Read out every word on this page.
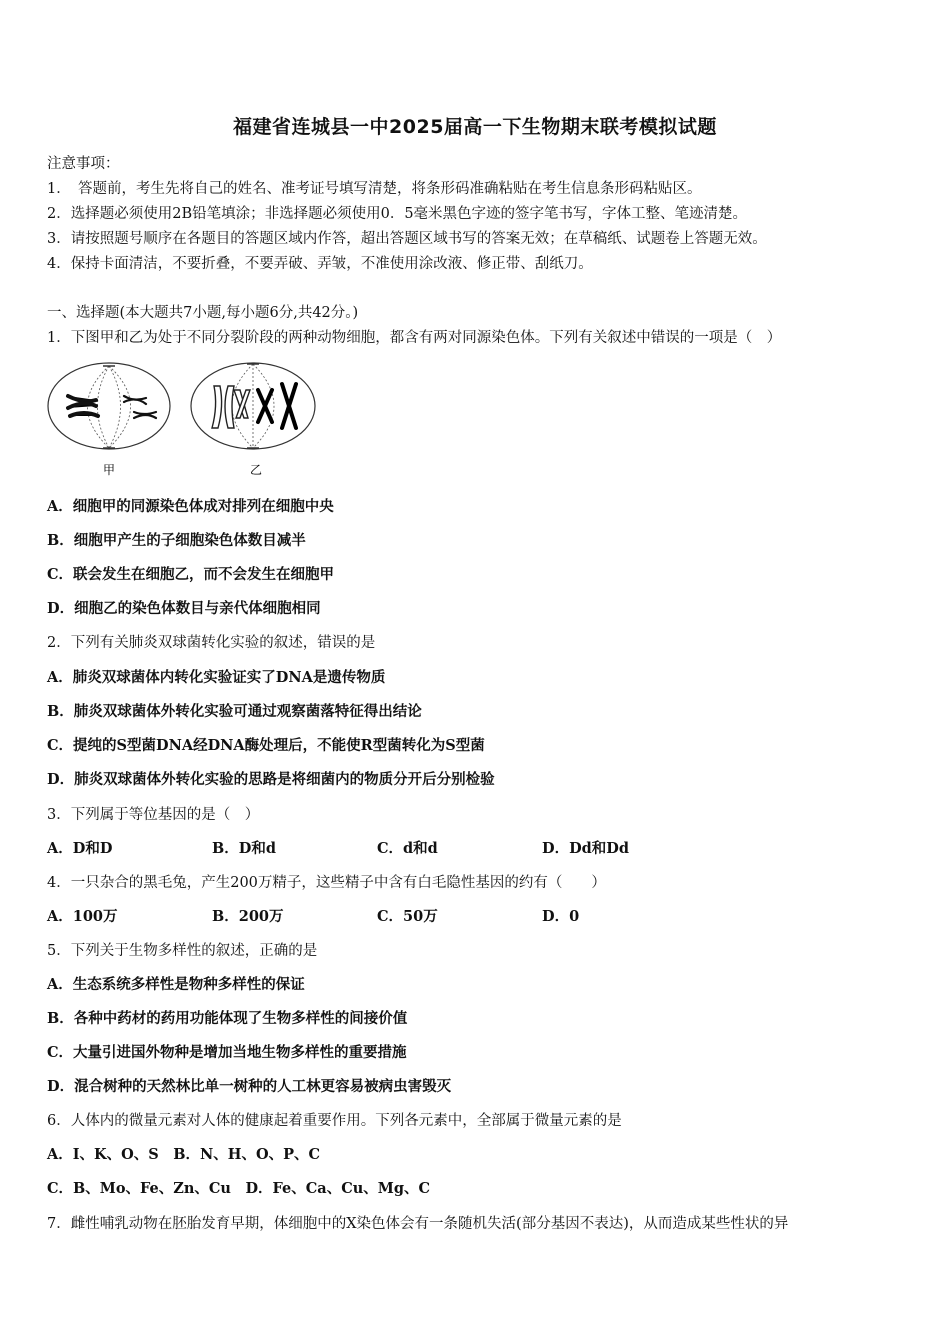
福建省连城县一中2025届高一下生物期末联考模拟试题
注意事项：
1．　答题前，考生先将自己的姓名、准考证号填写清楚，将条形码准确粘贴在考生信息条形码粘贴区。
2．选择题必须使用2B铅笔填涂；非选择题必须使用0．5毫米黑色字迹的签字笔书写，字体工整、笔迹清楚。
3．请按照题号顺序在各题目的答题区域内作答，超出答题区域书写的答案无效；在草稿纸、试题卷上答题无效。
4．保持卡面清洁，不要折叠，不要弄破、弄皱，不准使用涂改液、修正带、刮纸刀。
一、选择题(本大题共7小题,每小题6分,共42分。)
1．下图甲和乙为处于不同分裂阶段的两种动物细胞，都含有两对同源染色体。下列有关叙述中错误的一项是（　）
甲	乙
A．细胞甲的同源染色体成对排列在细胞中央
B．细胞甲产生的子细胞染色体数目减半
C．联会发生在细胞乙，而不会发生在细胞甲
D．细胞乙的染色体数目与亲代体细胞相同
2．下列有关肺炎双球菌转化实验的叙述，错误的是
A．肺炎双球菌体内转化实验证实了DNA是遗传物质
B．肺炎双球菌体外转化实验可通过观察菌落特征得出结论
C．提纯的S型菌DNA经DNA酶处理后，不能使R型菌转化为S型菌
D．肺炎双球菌体外转化实验的思路是将细菌内的物质分开后分别检验
3．下列属于等位基因的是（　）
A．D和D	B．D和d	C．d和d	D．Dd和Dd
4．一只杂合的黑毛兔，产生200万精子，这些精子中含有白毛隐性基因的约有（　　）
A．100万	B．200万	C．50万	D．0
5．下列关于生物多样性的叙述，正确的是
A．生态系统多样性是物种多样性的保证
B．各种中药材的药用功能体现了生物多样性的间接价值
C．大量引进国外物种是增加当地生物多样性的重要措施
D．混合树种的天然林比单一树种的人工林更容易被病虫害毁灭
6．人体内的微量元素对人体的健康起着重要作用。下列各元素中，全部属于微量元素的是
A．I、K、O、S　B．N、H、O、P、C
C．B、Mo、Fe、Zn、Cu　D．Fe、Ca、Cu、Mg、C
7．雌性哺乳动物在胚胎发育早期，体细胞中的X染色体会有一条随机失活(部分基因不表达)，从而造成某些性状的异
